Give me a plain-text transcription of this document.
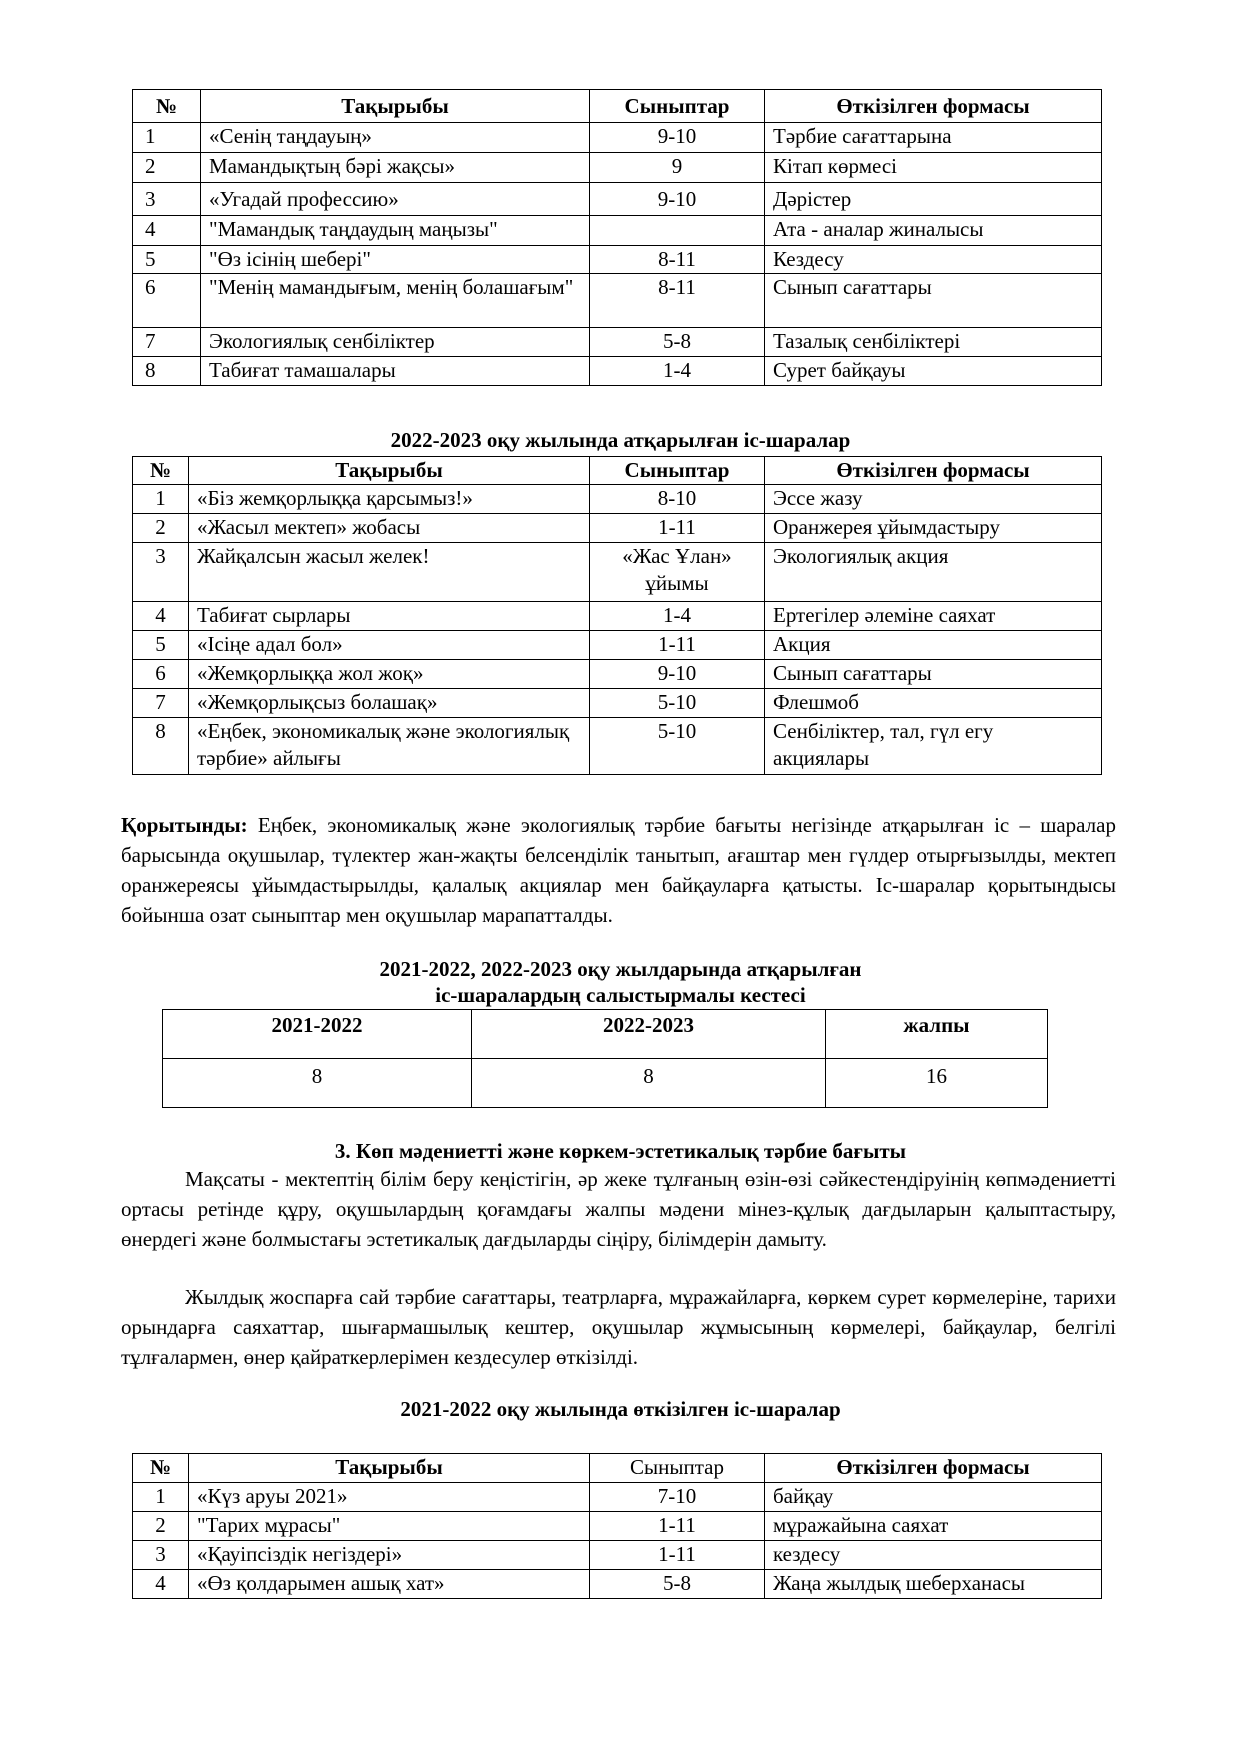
№	Тақырыбы	Сыныптар	Өткізілген формасы
1	«Сенің таңдауың»	9-10	Тәрбие сағаттарына
2	Мамандықтың бәрі жақсы»	9	Кітап көрмесі
3	«Угадай профессию»	9-10	Дәрістер
4	"Мамандық таңдаудың маңызы"		Ата - аналар жиналысы
5	"Өз ісінің шебері"	8-11	Кездесу
6	"Менің мамандығым, менің болашағым"	8-11	Сынып сағаттары
7	Экологиялық сенбіліктер	5-8	Тазалық сенбіліктері
8	Табиғат тамашалары	1-4	Сурет байқауы
2022-2023 оқу жылында атқарылған іс-шаралар
№	Тақырыбы	Сыныптар	Өткізілген формасы
1	«Біз жемқорлыққа қарсымыз!»	8-10	Эссе жазу
2	«Жасыл мектеп» жобасы	1-11	Оранжерея ұйымдастыру
3	Жайқалсын жасыл желек!	«Жас Ұлан» ұйымы	Экологиялық акция
4	Табиғат сырлары	1-4	Ертегілер әлеміне саяхат
5	«Ісіңе адал бол»	1-11	Акция
6	«Жемқорлыққа жол жоқ»	9-10	Сынып сағаттары
7	«Жемқорлықсыз болашақ»	5-10	Флешмоб
8	«Еңбек, экономикалық және экологиялық тәрбие» айлығы	5-10	Сенбіліктер, тал, гүл егу акциялары
Қорытынды: Еңбек, экономикалық және экологиялық тәрбие бағыты негізінде атқарылған іс – шаралар барысында оқушылар, түлектер жан-жақты белсенділік танытып, ағаштар мен гүлдер отырғызылды, мектеп оранжереясы ұйымдастырылды, қалалық акциялар мен байқауларға қатысты. Іс-шаралар қорытындысы бойынша озат сыныптар мен оқушылар марапатталды.
2021-2022, 2022-2023 оқу жылдарында атқарылған
іс-шаралардың салыстырмалы кестесі
2021-2022	2022-2023	жалпы
8	8	16
3. Көп мәдениетті және көркем-эстетикалық тәрбие бағыты
Мақсаты - мектептің білім беру кеңістігін, әр жеке тұлғаның өзін-өзі сәйкестендіруінің көпмәдениетті ортасы ретінде құру, оқушылардың қоғамдағы жалпы мәдени мінез-құлық дағдыларын қалыптастыру, өнердегі және болмыстағы эстетикалық дағдыларды сіңіру, білімдерін дамыту.
Жылдық жоспарға сай тәрбие сағаттары, театрларға, мұражайларға, көркем сурет көрмелеріне, тарихи орындарға саяхаттар, шығармашылық кештер, оқушылар жұмысының көрмелері, байқаулар, белгілі тұлғалармен, өнер қайраткерлерімен кездесулер өткізілді.
2021-2022 оқу жылында өткізілген іс-шаралар
№	Тақырыбы	Сыныптар	Өткізілген формасы
1	«Күз аруы 2021»	7-10	байқау
2	"Тарих мұрасы"	1-11	мұражайына саяхат
3	«Қауіпсіздік негіздері»	1-11	кездесу
4	«Өз қолдарымен ашық хат»	5-8	Жаңа жылдық шеберханасы
